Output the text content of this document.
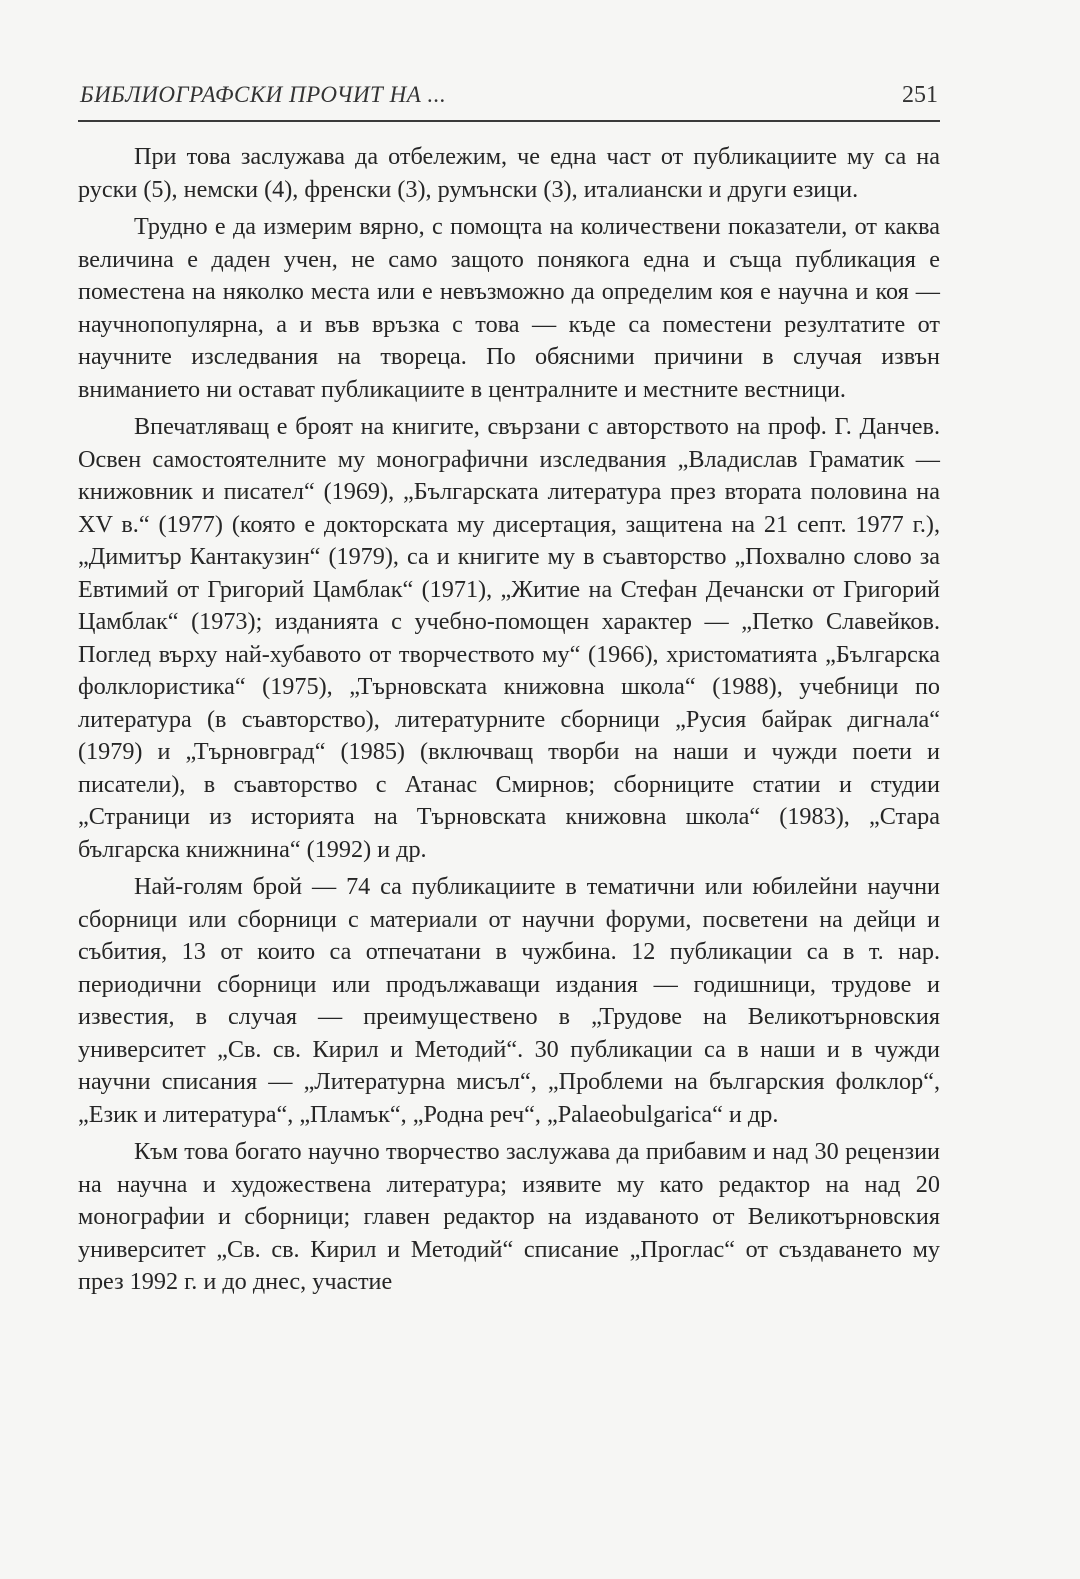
БИБЛИОГРАФСКИ ПРОЧИТ НА ...	251

При това заслужава да отбележим, че една част от публикациите му са на руски (5), немски (4), френски (3), румънски (3), италиански и други езици.

Трудно е да измерим вярно, с помощта на количествени показатели, от каква величина е даден учен, не само защото понякога една и съща публикация е поместена на няколко места или е невъзможно да определим коя е научна и коя —научнопопулярна, а и във връзка с това — къде са поместени резултатите от научните изследвания на твореца. По обясними причини в случая извън вниманието ни остават публикациите в централните и местните вестници.

Впечатляващ е броят на книгите, свързани с авторството на проф. Г. Данчев. Освен самостоятелните му монографични изследвания „Владислав Граматик — книжовник и писател“ (1969), „Българската литература през втората половина на XV в.“ (1977) (която е докторската му дисертация, защитена на 21 септ. 1977 г.), „Димитър Кантакузин“ (1979), са и книгите му в съавторство „Похвално слово за Евтимий от Григорий Цамблак“ (1971), „Житие на Стефан Дечански от Григорий Цамблак“ (1973); изданията с учебно-помощен характер — „Петко Славейков. Поглед върху най-хубавото от творчеството му“ (1966), христоматията „Българска фолклористика“ (1975), „Търновската книжовна школа“ (1988), учебници по литература (в съавторство), литературните сборници „Русия байрак дигнала“ (1979) и „Търновград“ (1985) (включващ творби на наши и чужди поети и писатели), в съавторство с Атанас Смирнов; сборниците статии и студии „Страници из историята на Търновската книжовна школа“ (1983), „Стара българска книжнина“ (1992) и др.

Най-голям брой — 74 са публикациите в тематични или юбилейни научни сборници или сборници с материали от научни форуми, посветени на дейци и събития, 13 от които са отпечатани в чужбина. 12 публикации са в т. нар. периодични сборници или продължаващи издания — годишници, трудове и известия, в случая — преимуществено в „Трудове на Великотърновския университет „Св. св. Кирил и Методий“. 30 публикации са в наши и в чужди научни списания — „Литературна мисъл“, „Проблеми на българския фолклор“, „Език и литература“, „Пламък“, „Родна реч“, „Palaeobulgarica“ и др.

Към това богато научно творчество заслужава да прибавим и над 30 рецензии на научна и художествена литература; изявите му като редактор на над 20 монографии и сборници; главен редактор на издаваното от Великотърновския университет „Св. св. Кирил и Методий“ списание „Проглас“ от създаването му през 1992 г. и до днес, участие
